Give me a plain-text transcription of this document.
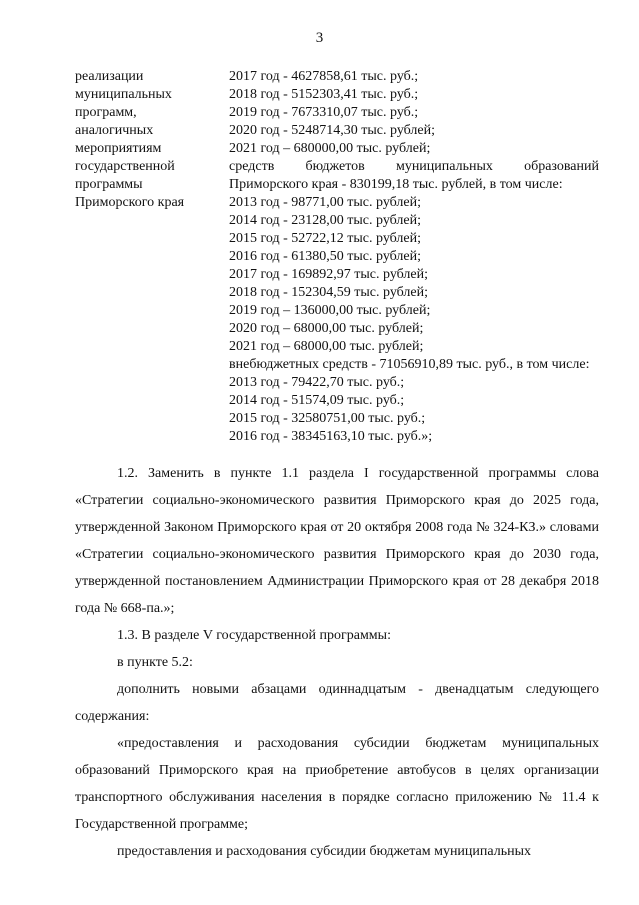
3
реализации
муниципальных
программ,
аналогичных
мероприятиям
государственной
программы
Приморского края
2017 год - 4627858,61 тыс. руб.;
2018 год - 5152303,41 тыс. руб.;
2019 год - 7673310,07 тыс. руб.;
2020 год - 5248714,30 тыс. рублей;
2021 год – 680000,00 тыс. рублей;
средств бюджетов муниципальных образований
Приморского края - 830199,18 тыс. рублей, в том числе:
2013 год - 98771,00 тыс. рублей;
2014 год - 23128,00 тыс. рублей;
2015 год - 52722,12 тыс. рублей;
2016 год - 61380,50 тыс. рублей;
2017 год - 169892,97 тыс. рублей;
2018 год - 152304,59 тыс. рублей;
2019 год – 136000,00 тыс. рублей;
2020 год – 68000,00 тыс. рублей;
2021 год – 68000,00 тыс. рублей;
внебюджетных средств - 71056910,89 тыс. руб., в том числе:
2013 год - 79422,70 тыс. руб.;
2014 год - 51574,09 тыс. руб.;
2015 год - 32580751,00 тыс. руб.;
2016 год - 38345163,10 тыс. руб.»;
1.2. Заменить в пункте 1.1 раздела I государственной программы слова «Стратегии социально-экономического развития Приморского края до 2025 года, утвержденной Законом Приморского края от 20 октября 2008 года № 324-КЗ.» словами «Стратегии социально-экономического развития Приморского края до 2030 года, утвержденной постановлением Администрации Приморского края от 28 декабря 2018 года № 668-па.»;
1.3. В разделе V государственной программы:
в пункте 5.2:
дополнить новыми абзацами одиннадцатым - двенадцатым следующего содержания:
«предоставления и расходования субсидии бюджетам муниципальных образований Приморского края на приобретение автобусов в целях организации транспортного обслуживания населения в порядке согласно приложению № 11.4 к Государственной программе;
предоставления и расходования субсидии бюджетам муниципальных
